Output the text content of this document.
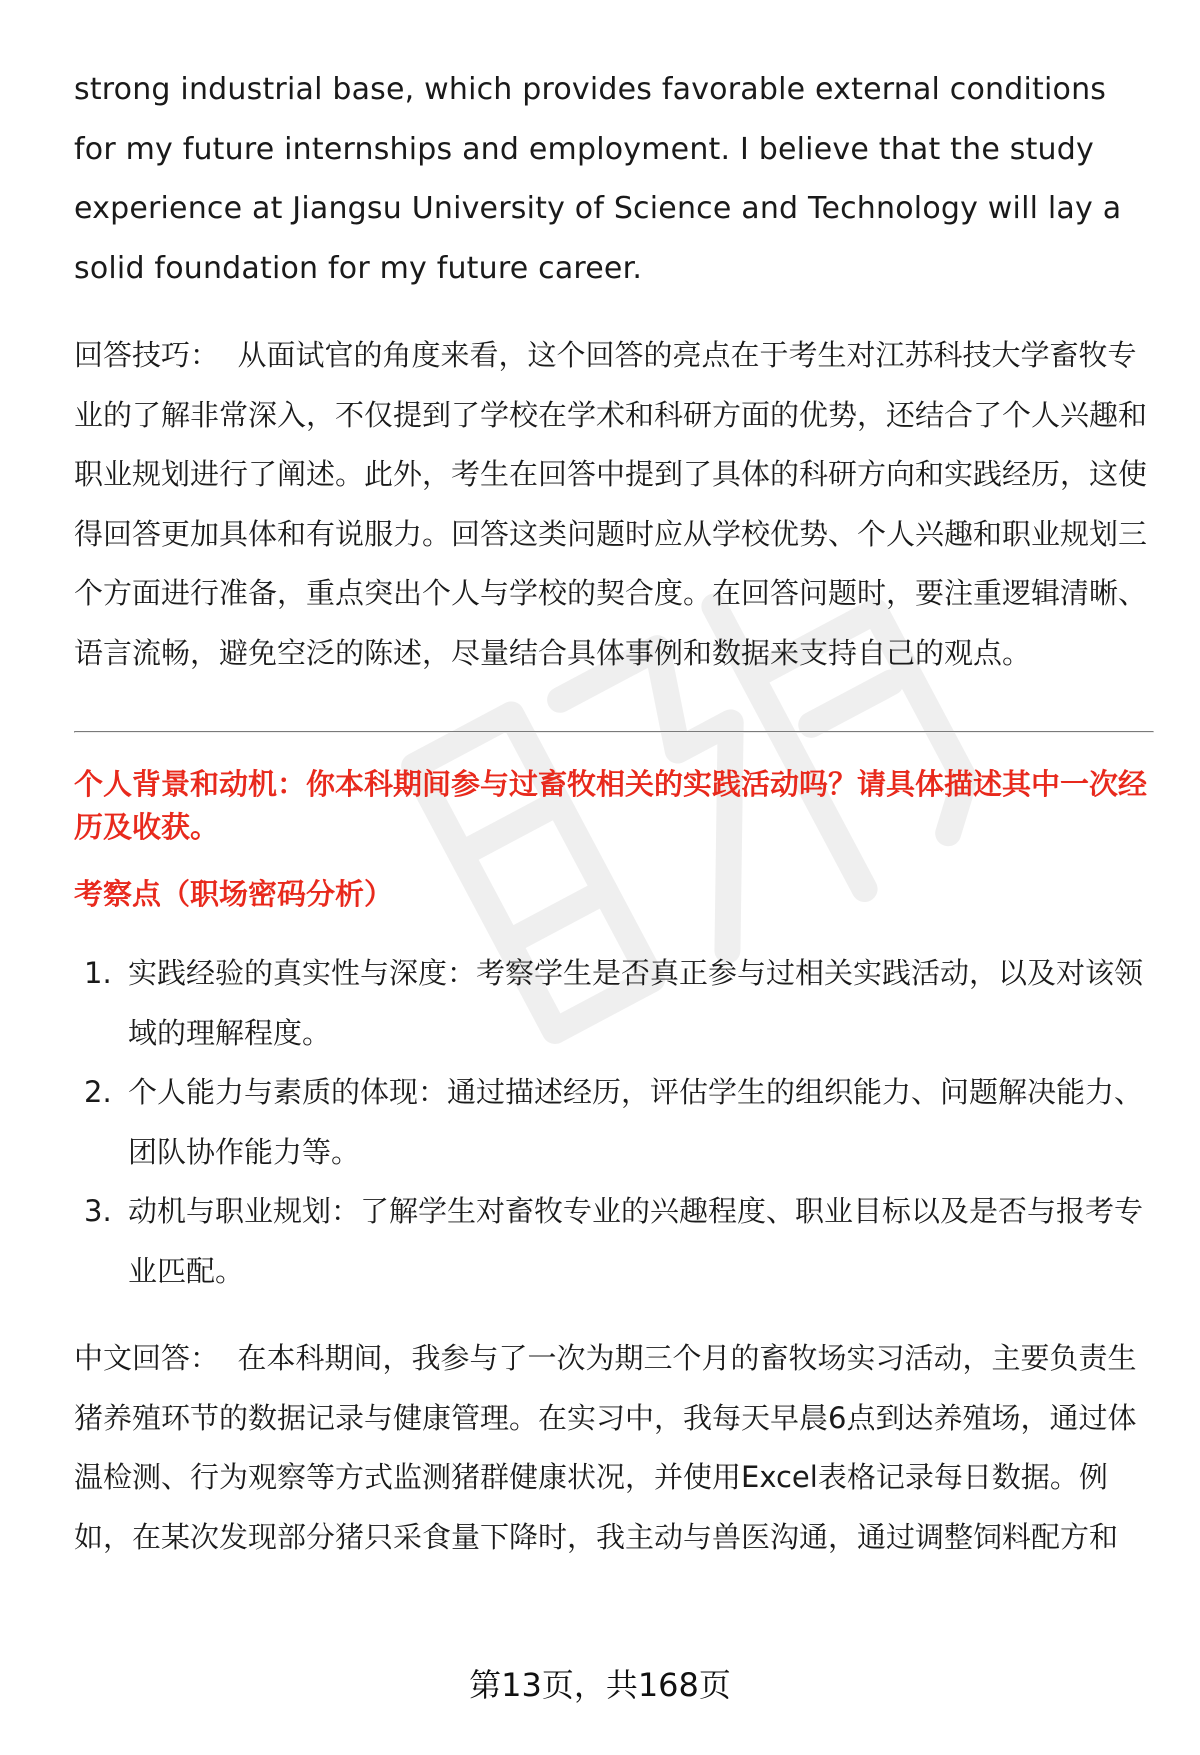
strong industrial base, which provides favorable external conditions for my future internships and employment. I believe that the study experience at Jiangsu University of Science and Technology will lay a solid foundation for my future career.

回答技巧： 从面试官的角度来看，这个回答的亮点在于考生对江苏科技大学畜牧专业的了解非常深入，不仅提到了学校在学术和科研方面的优势，还结合了个人兴趣和职业规划进行了阐述。此外，考生在回答中提到了具体的科研方向和实践经历，这使得回答更加具体和有说服力。回答这类问题时应从学校优势、个人兴趣和职业规划三个方面进行准备，重点突出个人与学校的契合度。在回答问题时，要注重逻辑清晰、语言流畅，避免空泛的陈述，尽量结合具体事例和数据来支持自己的观点。

个人背景和动机：你本科期间参与过畜牧相关的实践活动吗？请具体描述其中一次经历及收获。

考察点（职场密码分析）

1. 实践经验的真实性与深度：考察学生是否真正参与过相关实践活动，以及对该领域的理解程度。
2. 个人能力与素质的体现：通过描述经历，评估学生的组织能力、问题解决能力、团队协作能力等。
3. 动机与职业规划：了解学生对畜牧专业的兴趣程度、职业目标以及是否与报考专业匹配。

中文回答： 在本科期间，我参与了一次为期三个月的畜牧场实习活动，主要负责生猪养殖环节的数据记录与健康管理。在实习中，我每天早晨6点到达养殖场，通过体温检测、行为观察等方式监测猪群健康状况，并使用Excel表格记录每日数据。例如，在某次发现部分猪只采食量下降时，我主动与兽医沟通，通过调整饲料配方和

第13页，共168页
